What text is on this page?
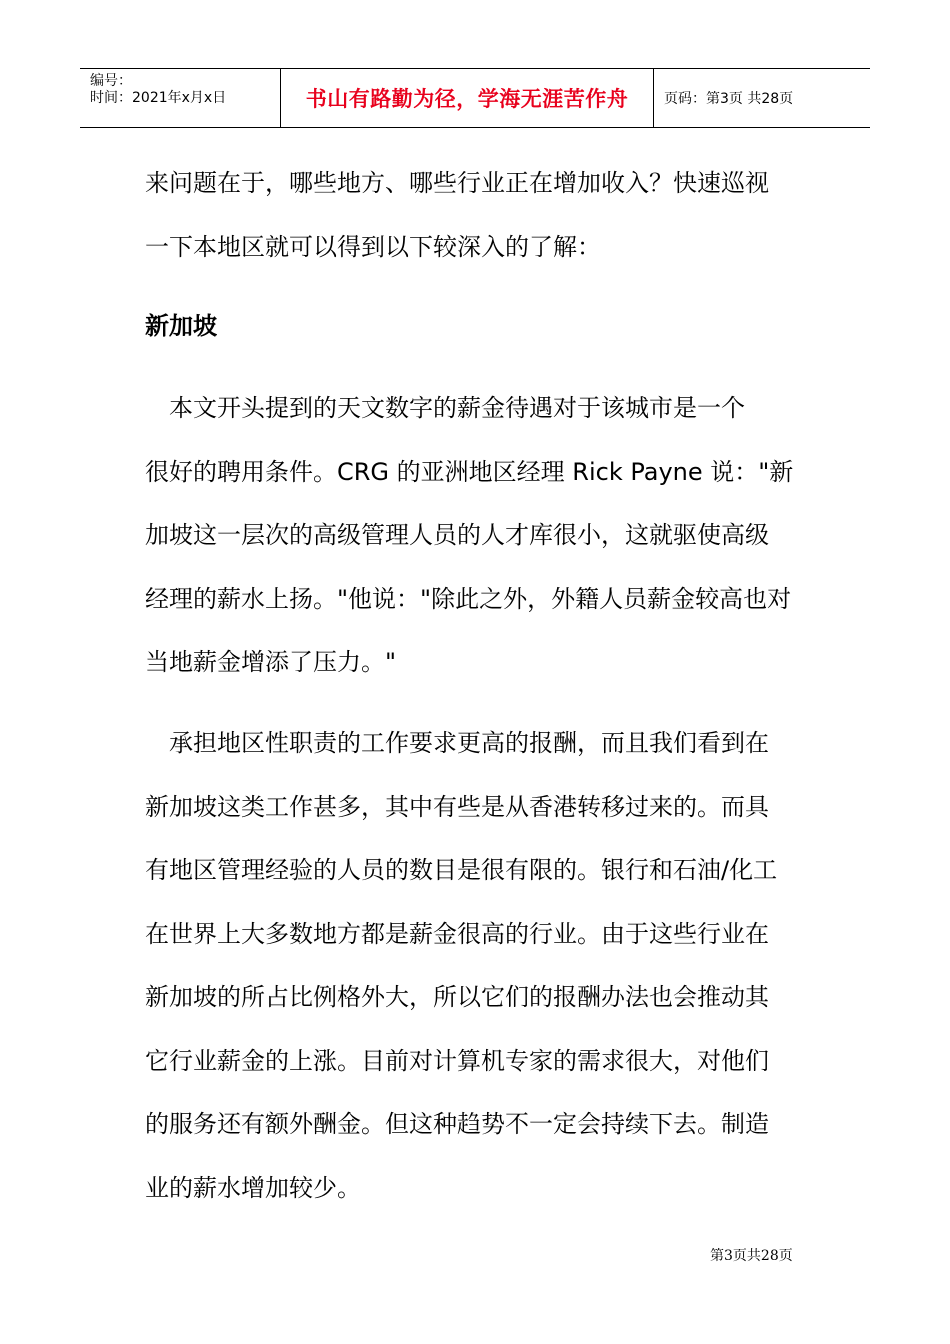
编号：
时间：2021年x月x日	书山有路勤为径，学海无涯苦作舟	页码：第3页 共28页
来问题在于，哪些地方、哪些行业正在增加收入？快速巡视
一下本地区就可以得到以下较深入的了解：
新加坡
　本文开头提到的天文数字的薪金待遇对于该城市是一个
很好的聘用条件。CRG 的亚洲地区经理 Rick Payne 说："新
加坡这一层次的高级管理人员的人才库很小，这就驱使高级
经理的薪水上扬。"他说："除此之外，外籍人员薪金较高也对
当地薪金增添了压力。"
　承担地区性职责的工作要求更高的报酬，而且我们看到在
新加坡这类工作甚多，其中有些是从香港转移过来的。而具
有地区管理经验的人员的数目是很有限的。银行和石油/化工
在世界上大多数地方都是薪金很高的行业。由于这些行业在
新加坡的所占比例格外大，所以它们的报酬办法也会推动其
它行业薪金的上涨。目前对计算机专家的需求很大，对他们
的服务还有额外酬金。但这种趋势不一定会持续下去。制造
业的薪水增加较少。
第3页共28页
